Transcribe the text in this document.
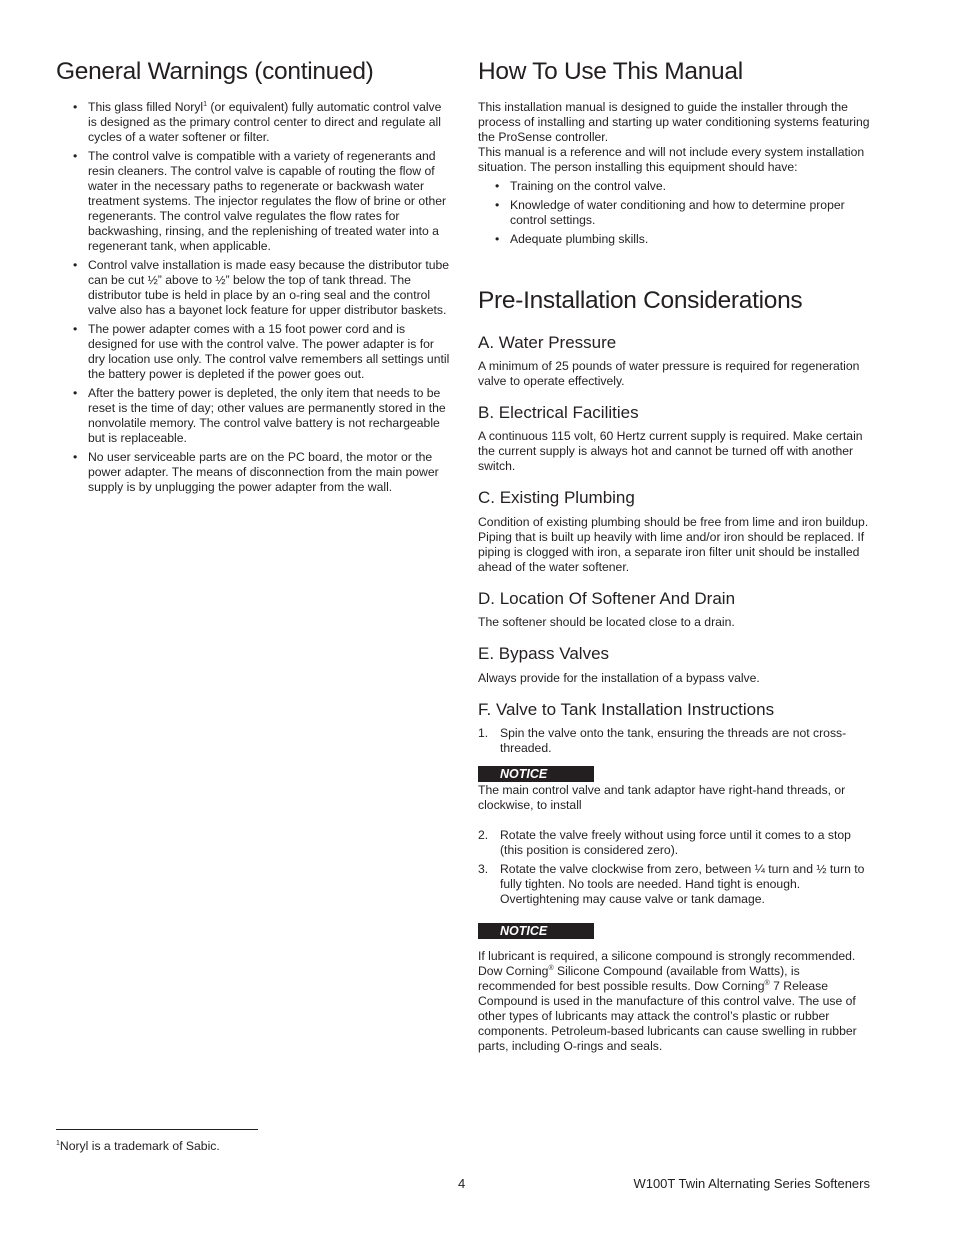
General Warnings (continued)
• This glass filled Noryl$^1$ (or equivalent) fully automatic control valve is designed as the primary control center to direct and regulate all cycles of a water softener or filter.
• The control valve is compatible with a variety of regenerants and resin cleaners. The control valve is capable of routing the flow of water in the necessary paths to regenerate or backwash water treatment systems. The injector regulates the flow of brine or other regenerants. The control valve regulates the flow rates for backwashing, rinsing, and the replenishing of treated water into a regenerant tank, when applicable.
• Control valve installation is made easy because the distributor tube can be cut ½” above to ½” below the top of tank thread. The distributor tube is held in place by an o-ring seal and the control valve also has a bayonet lock feature for upper distributor baskets.
• The power adapter comes with a 15 foot power cord and is designed for use with the control valve. The power adapter is for dry location use only. The control valve remembers all settings until the battery power is depleted if the power goes out.
• After the battery power is depleted, the only item that needs to be reset is the time of day; other values are permanently stored in the nonvolatile memory. The control valve battery is not rechargeable but is replaceable.
• No user serviceable parts are on the PC board, the motor or the power adapter. The means of disconnection from the main power supply is by unplugging the power adapter from the wall.
How To Use This Manual

This installation manual is designed to guide the installer through the process of installing and starting up water conditioning systems featuring the ProSense controller.

This manual is a reference and will not include every system installation situation. The person installing this equipment should have:

• Training on the control valve.
• Knowledge of water conditioning and how to determine proper control settings.
• Adequate plumbing skills.
Pre-Installation Considerations
A. Water Pressure

A minimum of 25 pounds of water pressure is required for regeneration valve to operate effectively.

B. Electrical Facilities

A continuous 115 volt, 60 Hertz current supply is required. Make certain the current supply is always hot and cannot be turned off with another switch.

C. Existing Plumbing

Condition of existing plumbing should be free from lime and iron buildup. Piping that is built up heavily with lime and/or iron should be replaced. If piping is clogged with iron, a separate iron filter unit should be installed ahead of the water softener.

D. Location Of Softener And Drain

The softener should be located close to a drain.

E. Bypass Valves

Always provide for the installation of a bypass valve.

F. Valve to Tank Installation Instructions
1. Spin the valve onto the tank, ensuring the threads are not cross-threaded.
NOTICE

The main control valve and tank adaptor have right-hand threads, or clockwise, to install

2. Rotate the valve freely without using force until it comes to a stop (this position is considered zero).
3. Rotate the valve clockwise from zero, between ¼ turn and ½ turn to fully tighten. No tools are needed. Hand tight is enough. Overtightening may cause valve or tank damage.
NOTICE

If lubricant is required, a silicone compound is strongly recommended. Dow Corning® Silicone Compound (available from Watts), is recommended for best possible results. Dow Corning® 7 Release Compound is used in the manufacture of this control valve. The use of other types of lubricants may attack the control’s plastic or rubber components. Petroleum-based lubricants can cause swelling in rubber parts, including O-rings and seals.

$^1$Noryl is a trademark of Sabic.
4	W100T Twin Alternating Series Softeners
